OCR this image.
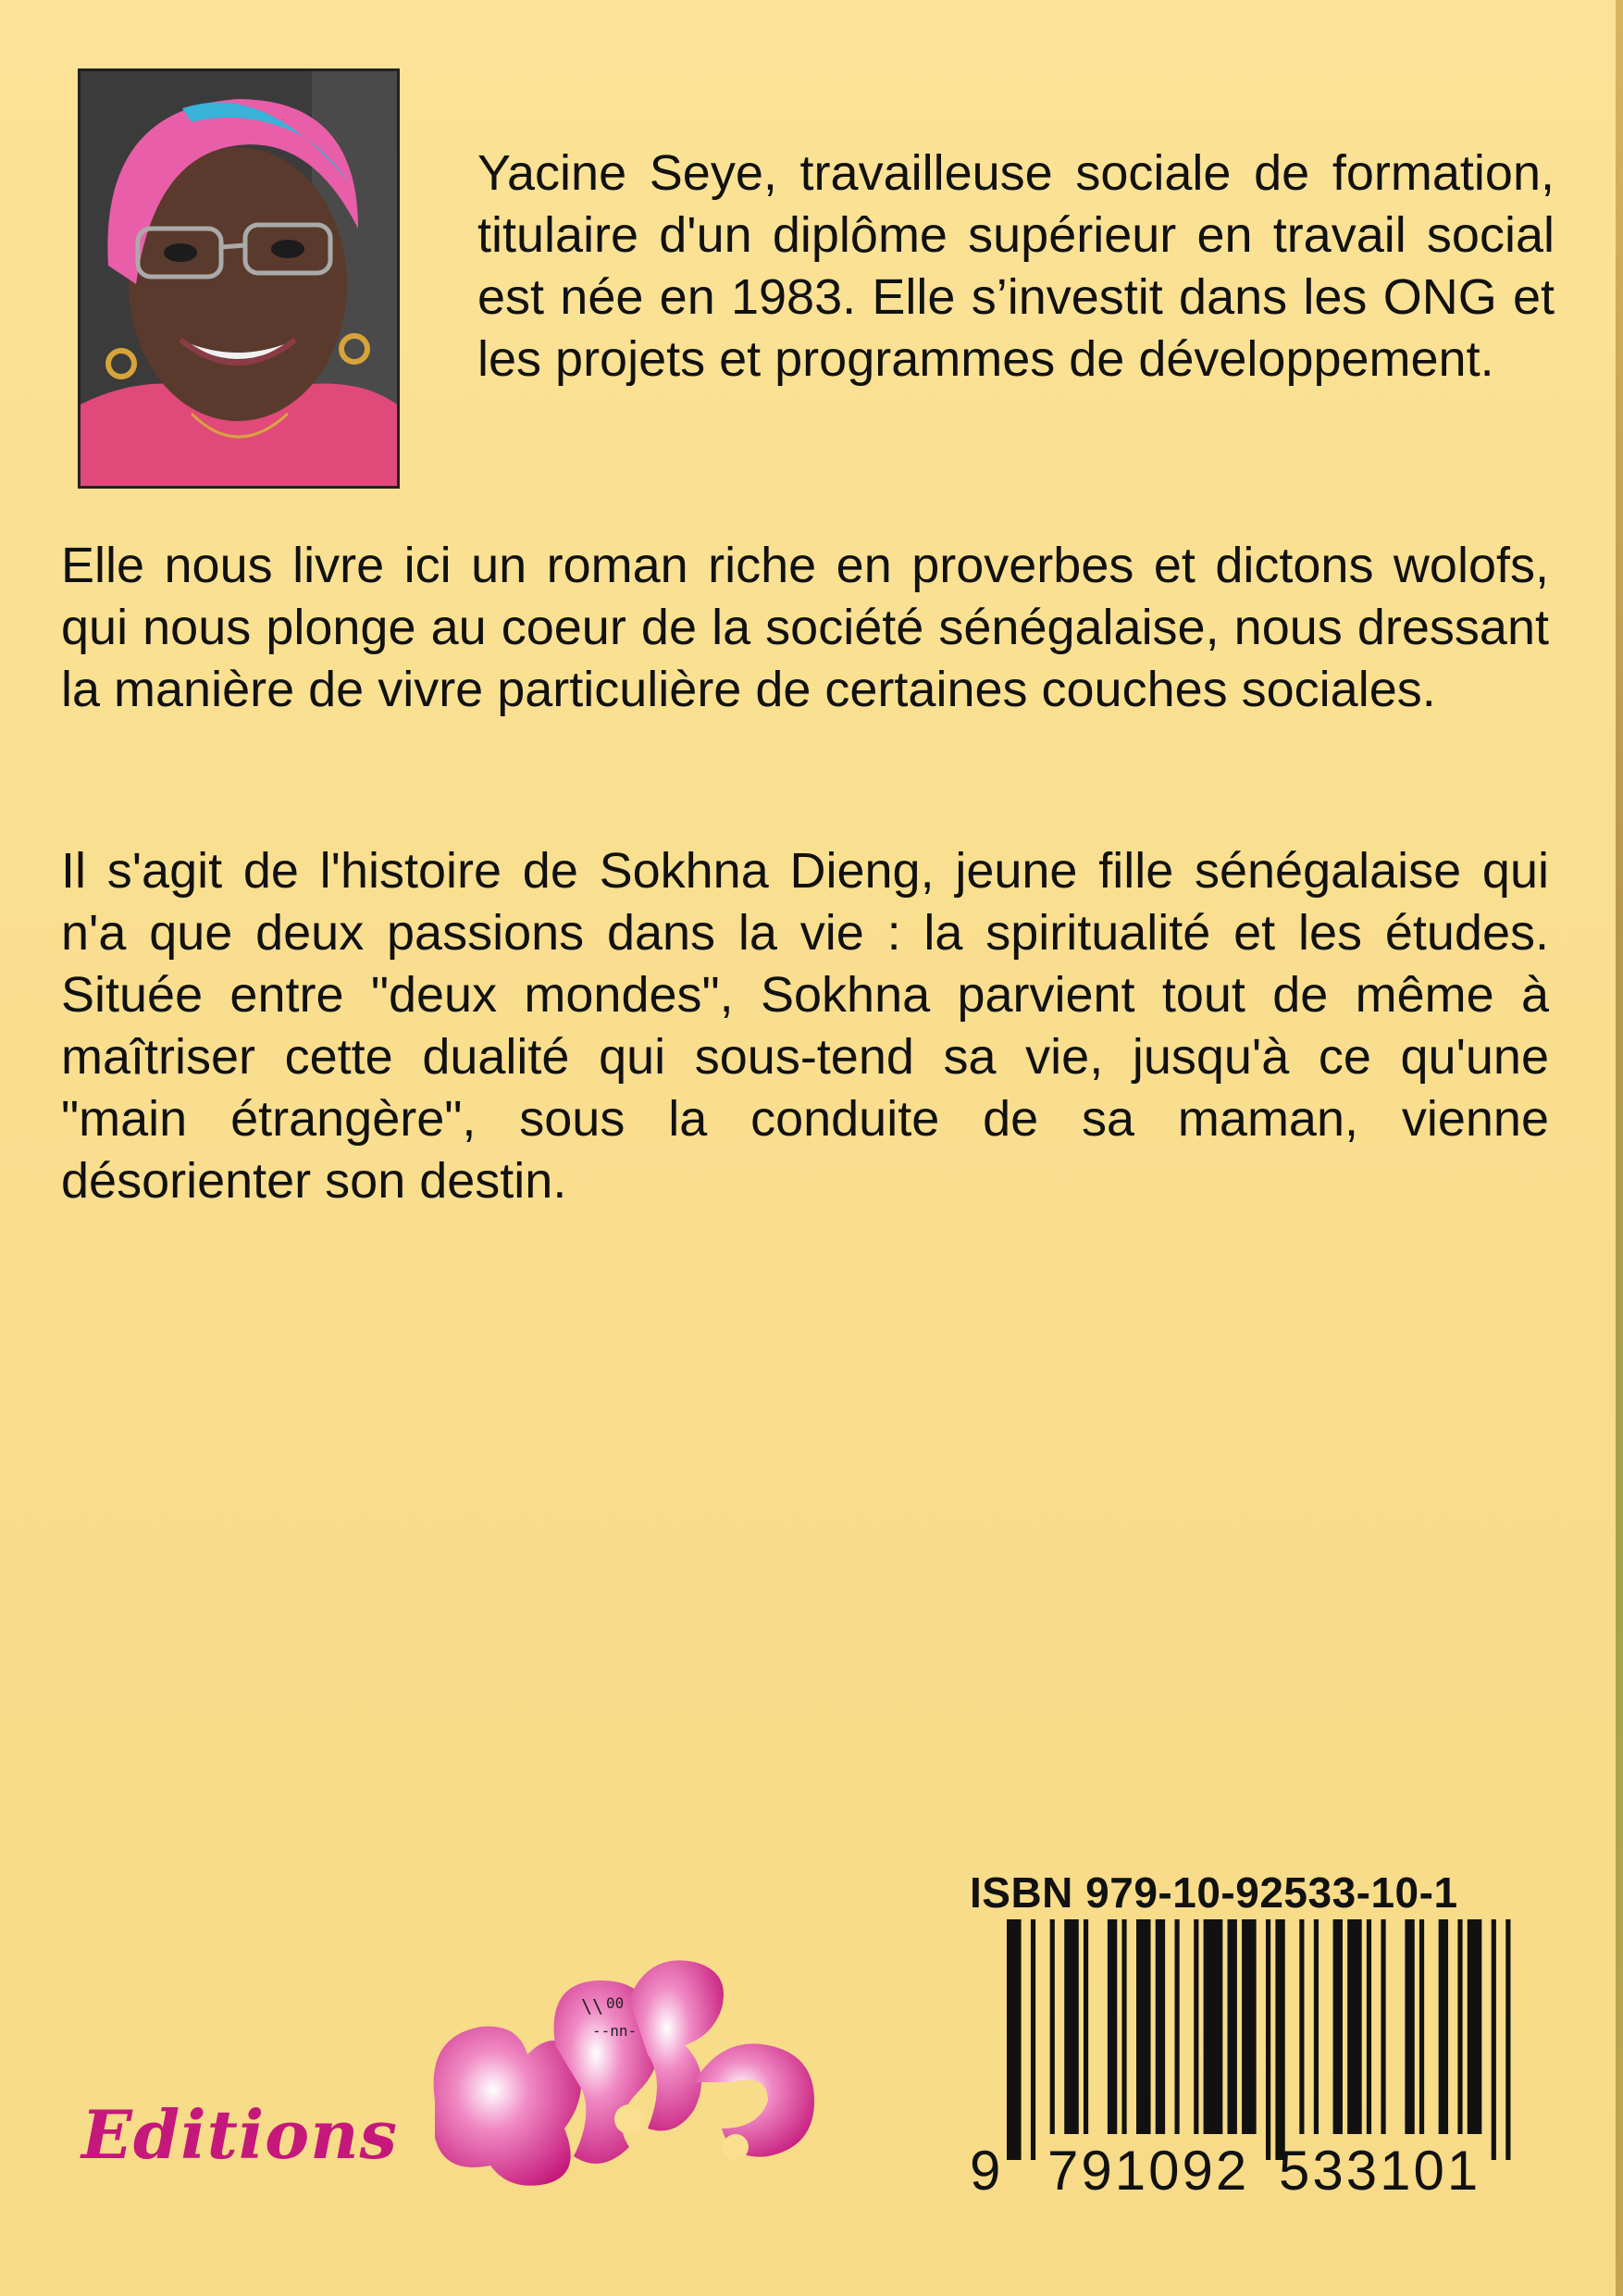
Yacine Seye, travailleuse sociale de formation, titulaire d'un diplôme supérieur en travail social est née en 1983. Elle s’investit dans les ONG et les projets et programmes de développement.
Elle nous livre ici un roman riche en proverbes et dictons wolofs, qui nous plonge au coeur de la société sénégalaise, nous dressant la manière de vivre particulière de certaines couches sociales.
Il s'agit de l'histoire de Sokhna Dieng, jeune fille sénégalaise qui n'a que deux passions dans la vie : la spiritualité et les études. Située entre "deux mondes", Sokhna parvient tout de même à maîtriser cette dualité qui sous-tend sa vie, jusqu'à ce qu'une "main étrangère", sous la conduite de sa maman, vienne désorienter son destin.
ISBN 979-10-92533-10-1
9 791092 533101
Editions
\\ 00
--nn-
